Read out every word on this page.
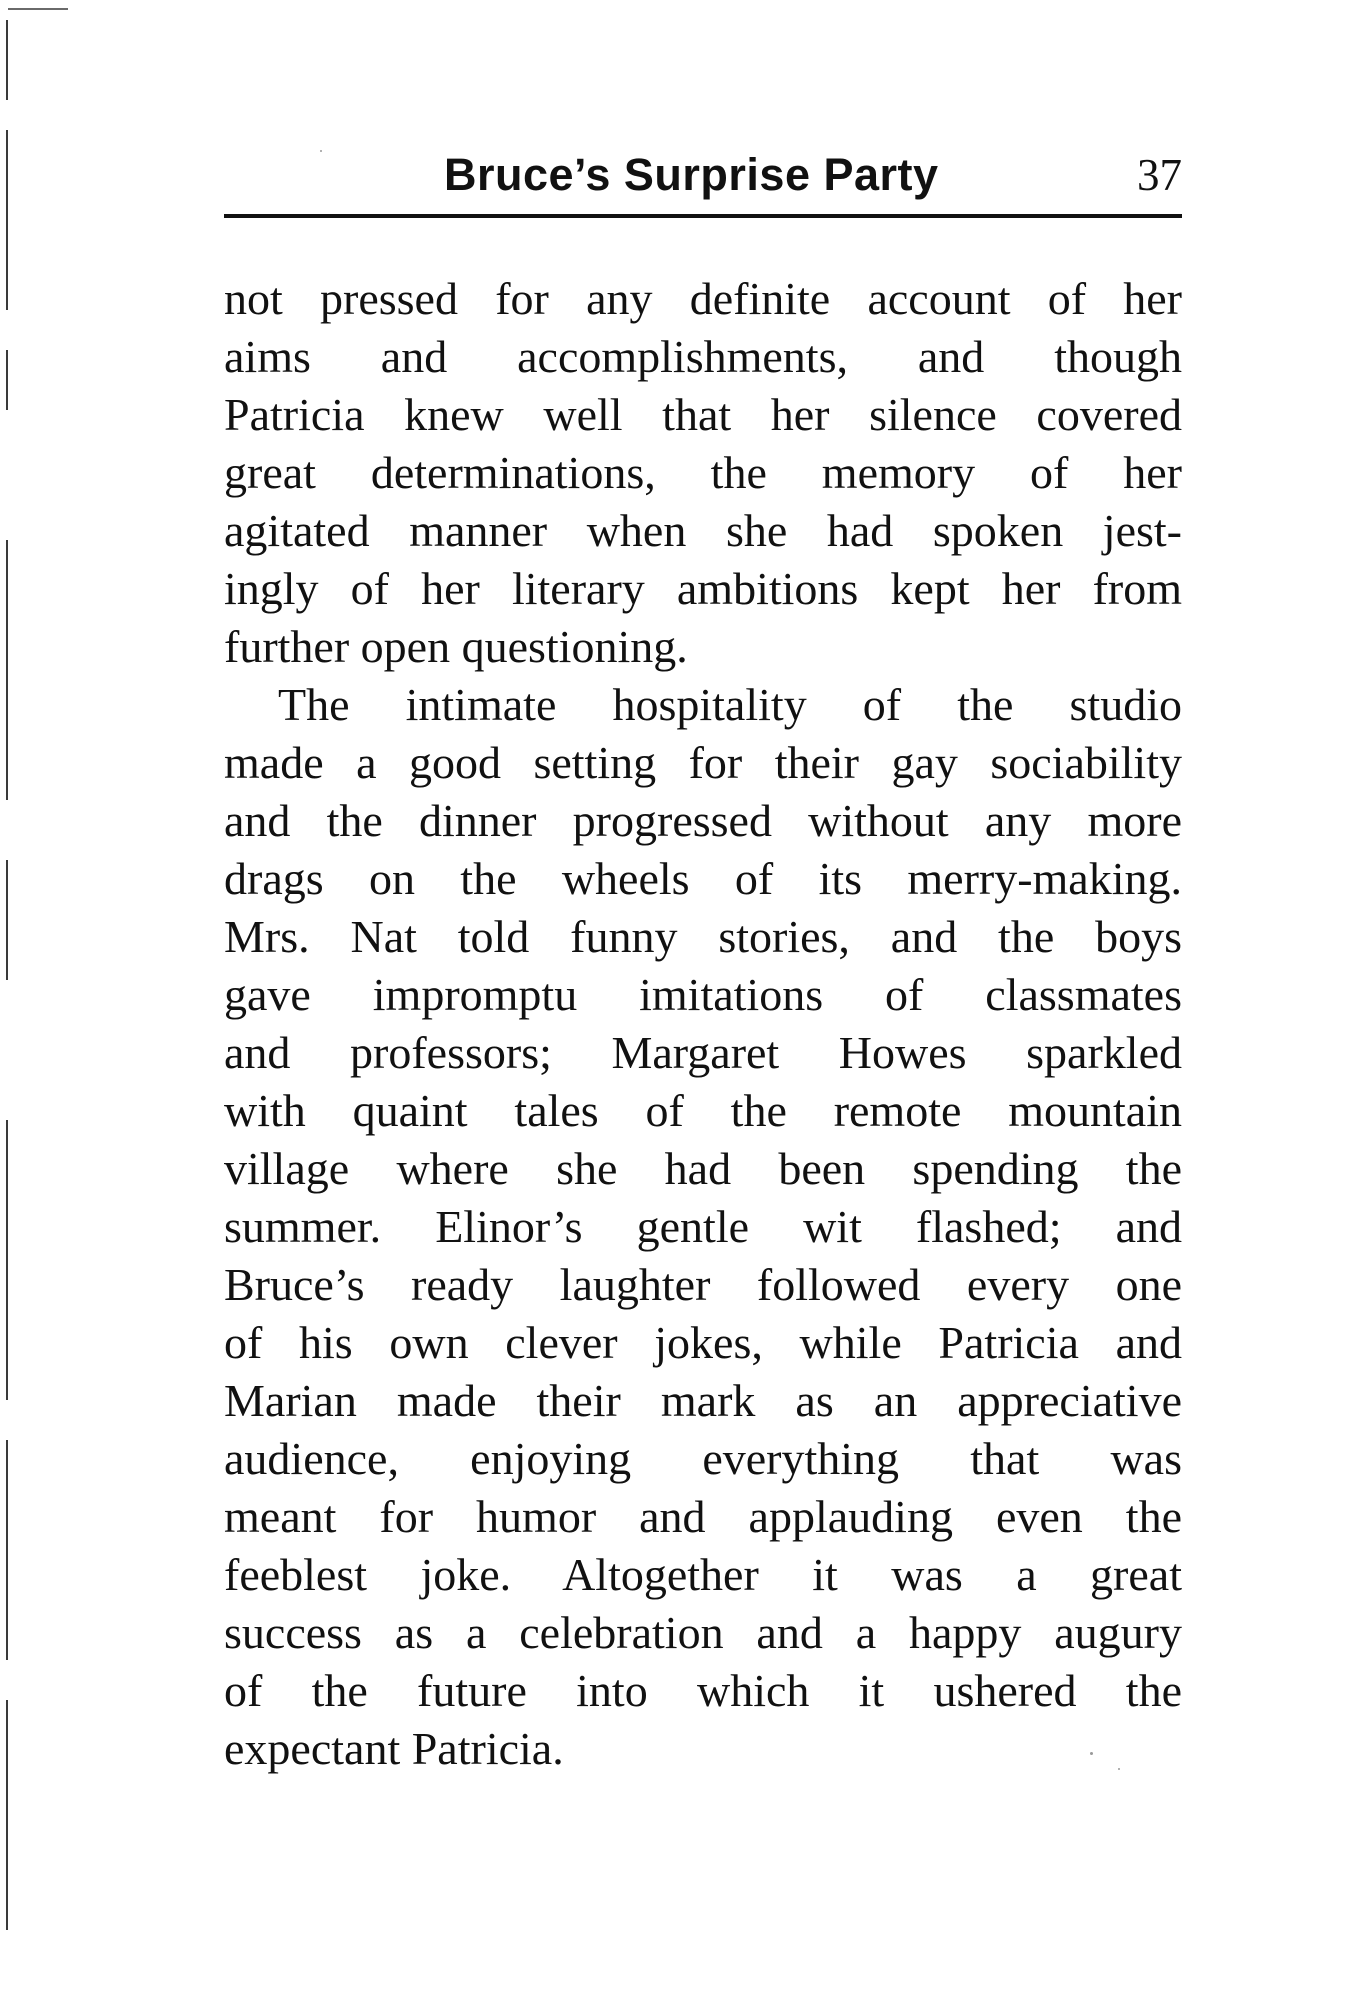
Bruce’s Surprise Party	37
not pressed for any definite account of her
aims and accomplishments, and though
Patricia knew well that her silence covered
great determinations, the memory of her
agitated manner when she had spoken jest-
ingly of her literary ambitions kept her from
further open questioning.
The intimate hospitality of the studio
made a good setting for their gay sociability
and the dinner progressed without any more
drags on the wheels of its merry-making.
Mrs. Nat told funny stories, and the boys
gave impromptu imitations of classmates
and professors; Margaret Howes sparkled
with quaint tales of the remote mountain
village where she had been spending the
summer. Elinor’s gentle wit flashed; and
Bruce’s ready laughter followed every one
of his own clever jokes, while Patricia and
Marian made their mark as an appreciative
audience, enjoying everything that was
meant for humor and applauding even the
feeblest joke. Altogether it was a great
success as a celebration and a happy augury
of the future into which it ushered the
expectant Patricia.
